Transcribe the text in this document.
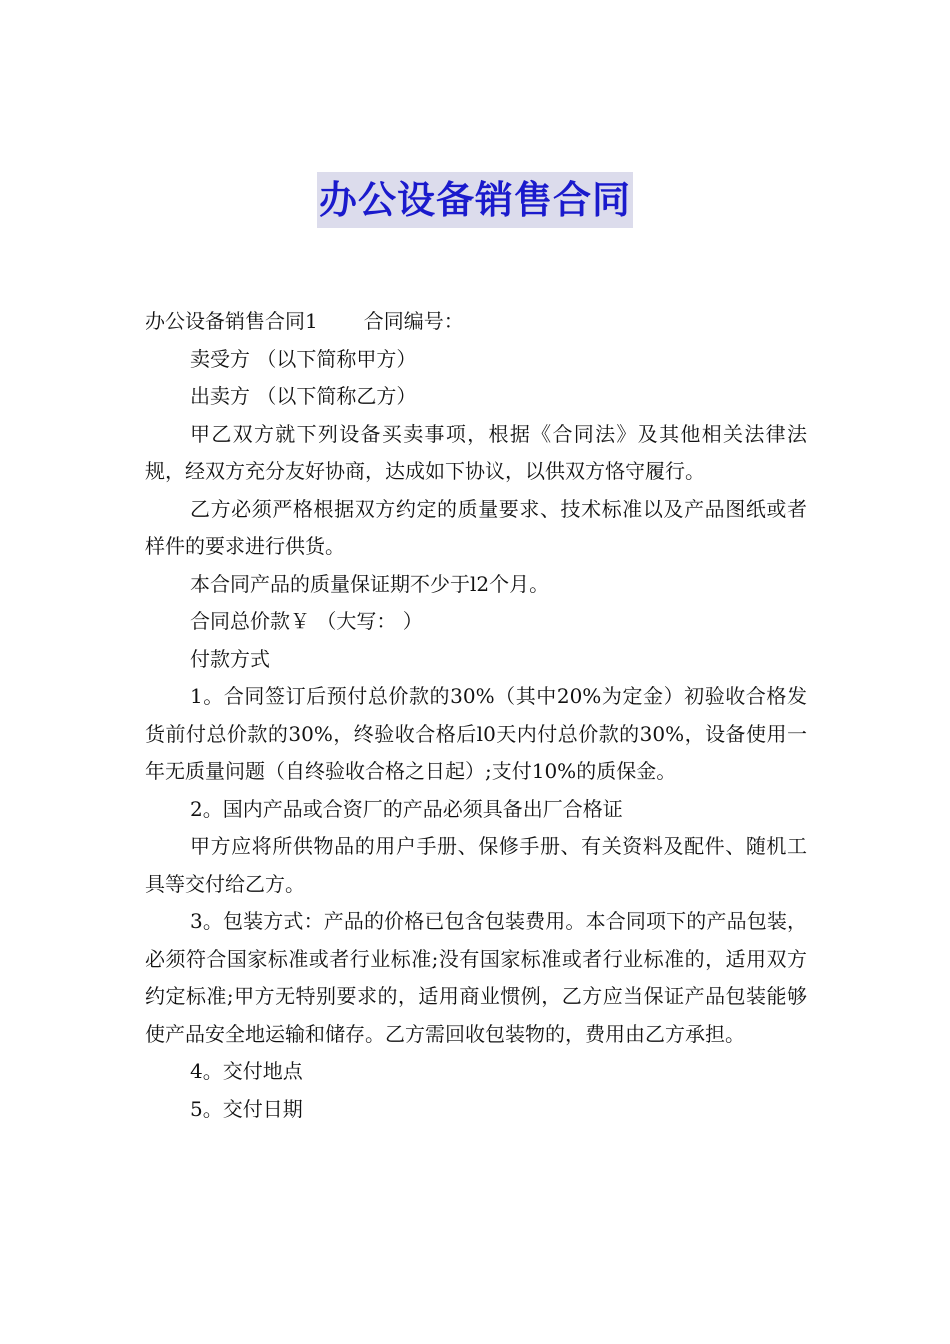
办公设备销售合同

办公设备销售合同1 合同编号：

卖受方 （以下简称甲方）

出卖方 （以下简称乙方）

甲乙双方就下列设备买卖事项，根据《合同法》及其他相关法律法规，经双方充分友好协商，达成如下协议，以供双方恪守履行。

乙方必须严格根据双方约定的质量要求、技术标准以及产品图纸或者样件的要求进行供货。

本合同产品的质量保证期不少于l2个月。

合同总价款￥ （大写： ）

付款方式

1。合同签订后预付总价款的30%（其中20%为定金）初验收合格发货前付总价款的30%，终验收合格后l0天内付总价款的30%，设备使用一年无质量问题（自终验收合格之日起）;支付10%的质保金。

2。国内产品或合资厂的产品必须具备出厂合格证

甲方应将所供物品的用户手册、保修手册、有关资料及配件、随机工具等交付给乙方。

3。包装方式：产品的价格已包含包装费用。本合同项下的产品包装，必须符合国家标准或者行业标准;没有国家标准或者行业标准的，适用双方约定标准;甲方无特别要求的，适用商业惯例，乙方应当保证产品包装能够使产品安全地运输和储存。乙方需回收包装物的，费用由乙方承担。

4。交付地点

5。交付日期
